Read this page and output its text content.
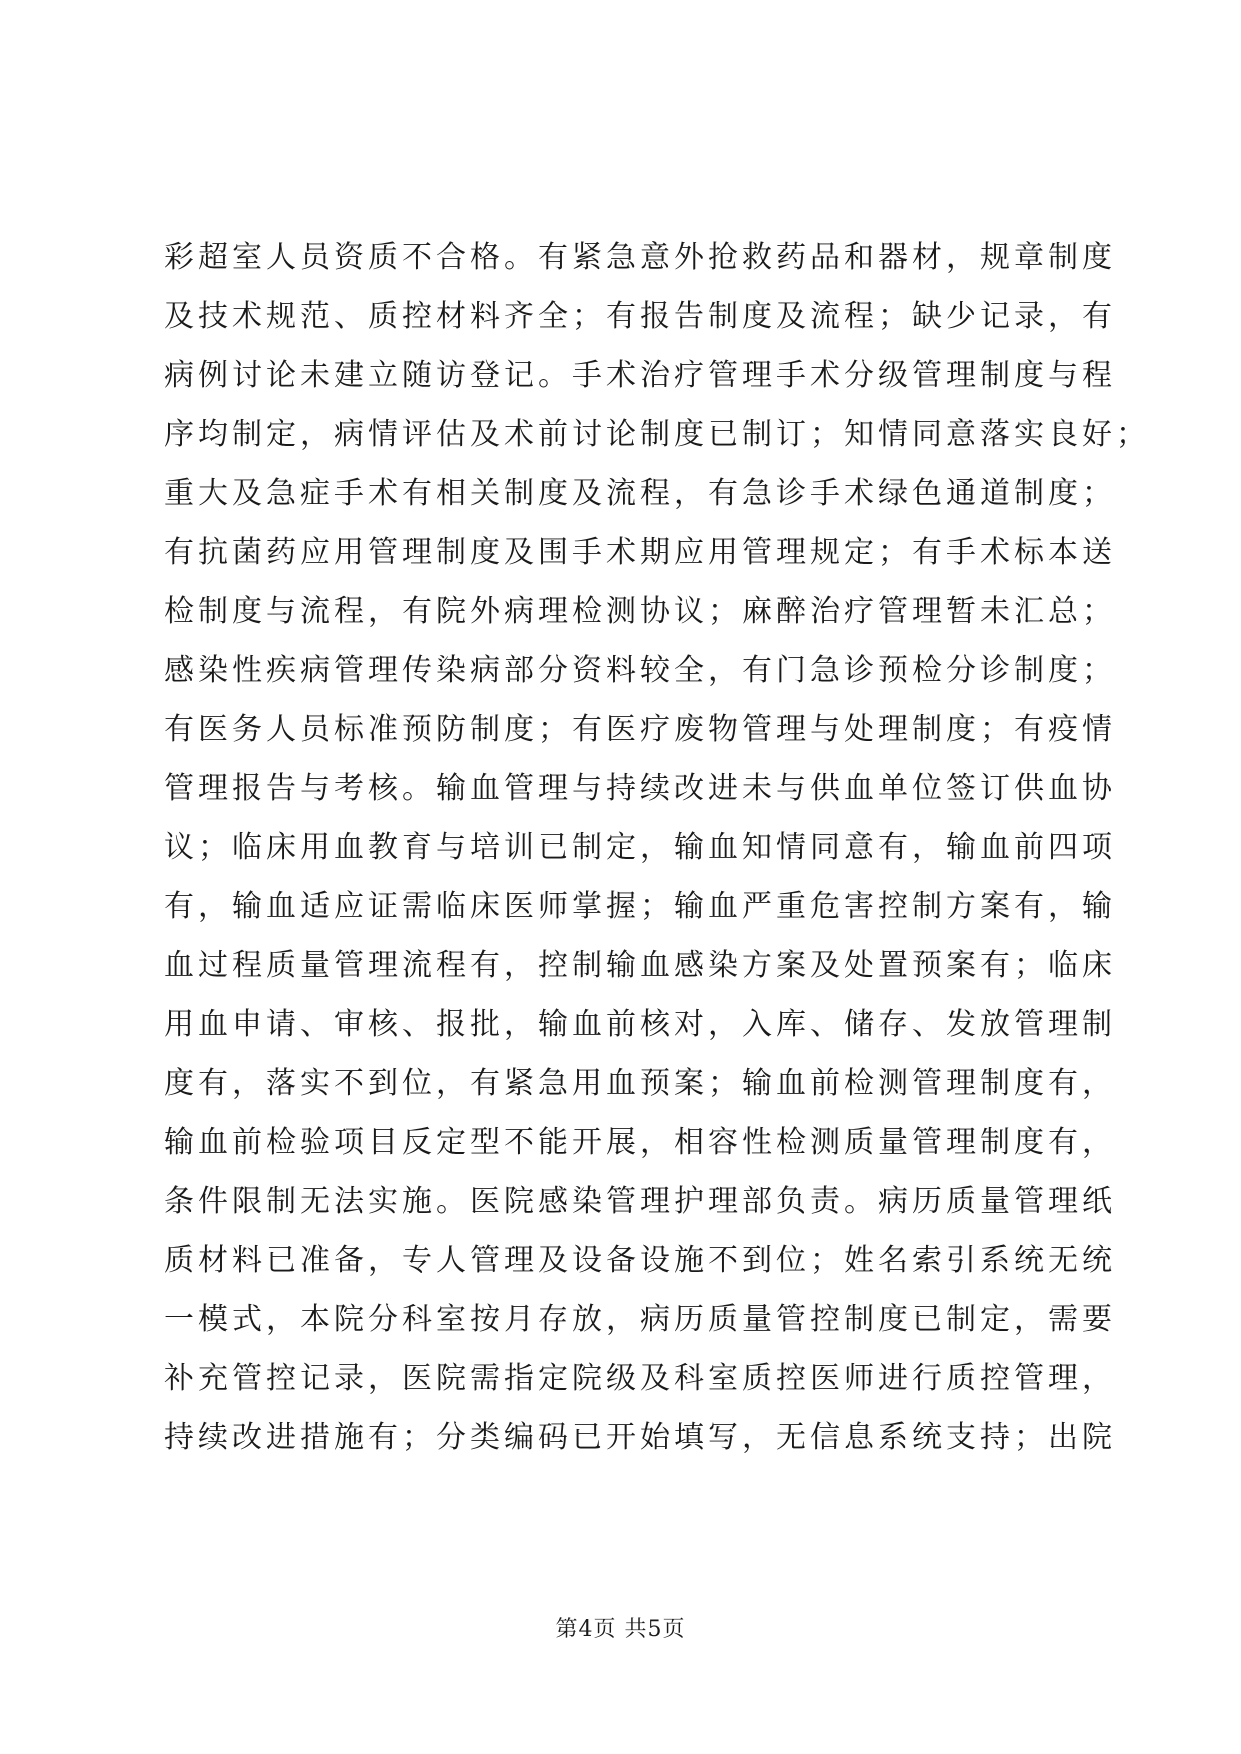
彩超室人员资质不合格。有紧急意外抢救药品和器材，规章制度
及技术规范、质控材料齐全；有报告制度及流程；缺少记录，有
病例讨论未建立随访登记。手术治疗管理手术分级管理制度与程
序均制定，病情评估及术前讨论制度已制订；知情同意落实良好；
重大及急症手术有相关制度及流程，有急诊手术绿色通道制度；
有抗菌药应用管理制度及围手术期应用管理规定；有手术标本送
检制度与流程，有院外病理检测协议；麻醉治疗管理暂未汇总；
感染性疾病管理传染病部分资料较全，有门急诊预检分诊制度；
有医务人员标准预防制度；有医疗废物管理与处理制度；有疫情
管理报告与考核。输血管理与持续改进未与供血单位签订供血协
议；临床用血教育与培训已制定，输血知情同意有，输血前四项
有，输血适应证需临床医师掌握；输血严重危害控制方案有，输
血过程质量管理流程有，控制输血感染方案及处置预案有；临床
用血申请、审核、报批，输血前核对，入库、储存、发放管理制
度有，落实不到位，有紧急用血预案；输血前检测管理制度有，
输血前检验项目反定型不能开展，相容性检测质量管理制度有，
条件限制无法实施。医院感染管理护理部负责。病历质量管理纸
质材料已准备，专人管理及设备设施不到位；姓名索引系统无统
一模式，本院分科室按月存放，病历质量管控制度已制定，需要
补充管控记录，医院需指定院级及科室质控医师进行质控管理，
持续改进措施有；分类编码已开始填写，无信息系统支持；出院
第4页 共5页
